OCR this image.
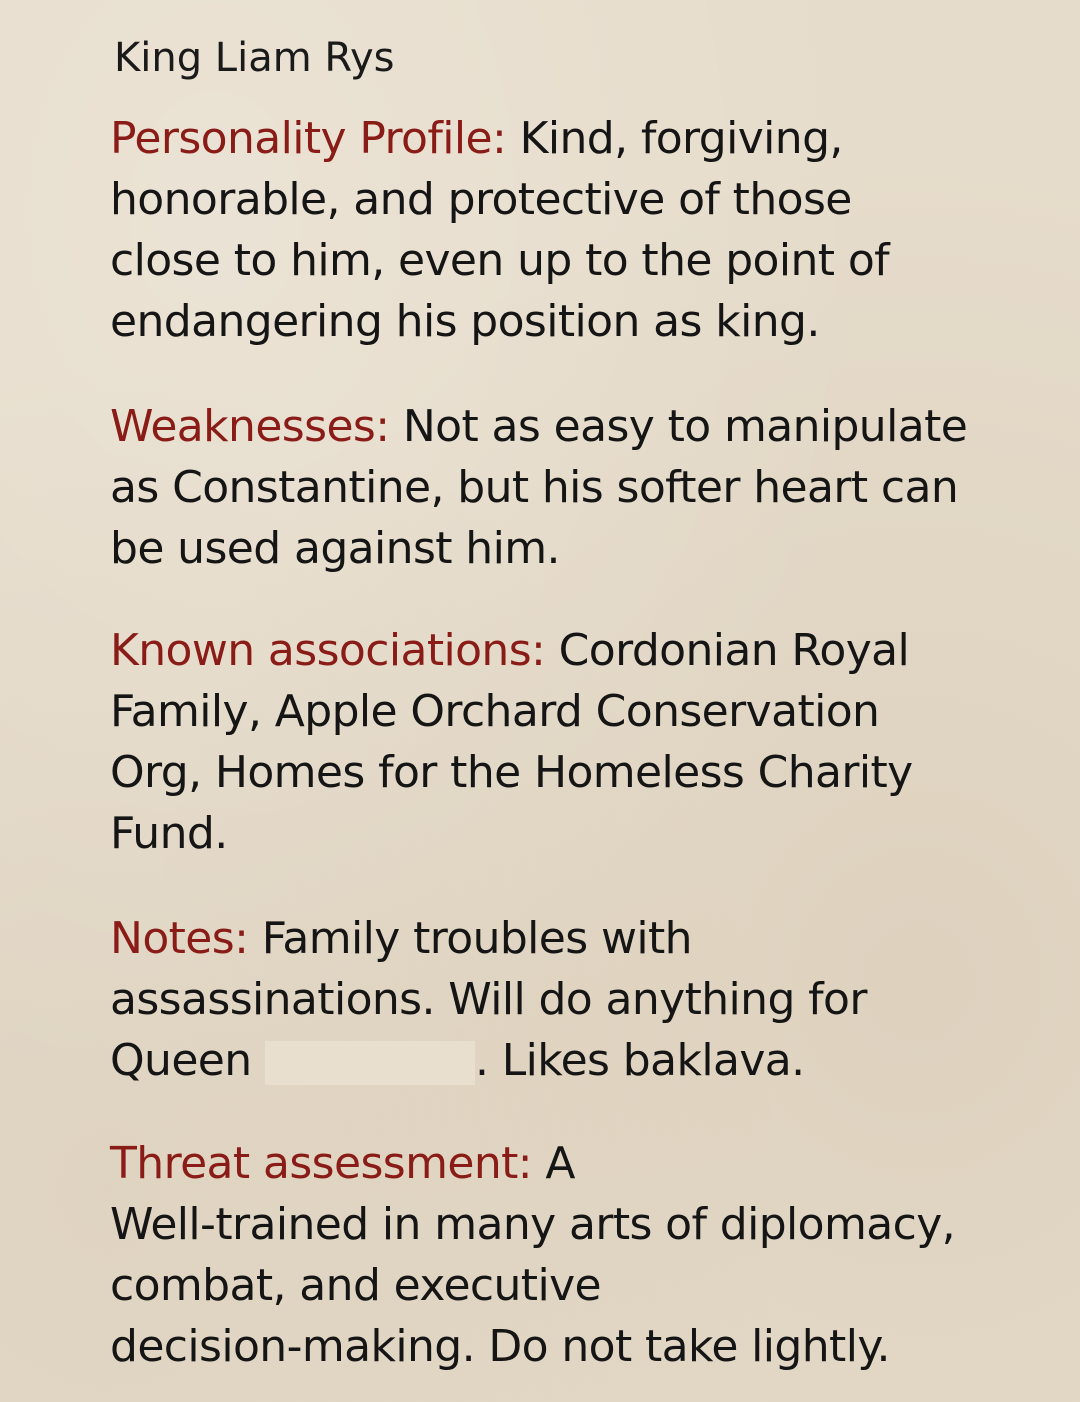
King Liam Rys
Personality Profile: Kind, forgiving,
honorable, and protective of those
close to him, even up to the point of
endangering his position as king.
Weaknesses: Not as easy to manipulate
as Constantine, but his softer heart can
be used against him.
Known associations: Cordonian Royal
Family, Apple Orchard Conservation
Org, Homes for the Homeless Charity
Fund.
Notes: Family troubles with
assassinations. Will do anything for
Queen	. Likes baklava.
Threat assessment: A
Well-trained in many arts of diplomacy,
combat, and executive
decision-making. Do not take lightly.
